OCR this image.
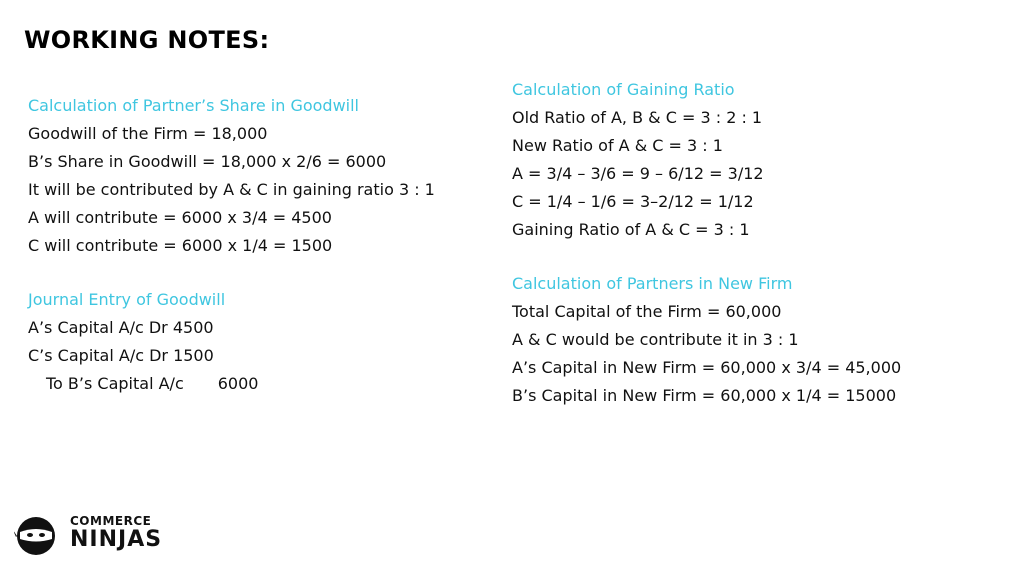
WORKING NOTES:
Calculation of Partner’s Share in Goodwill
Goodwill of the Firm = 18,000
B’s Share in Goodwill = 18,000 x 2/6 = 6000
It will be contributed by A & C in gaining ratio 3 : 1
A will contribute = 6000 x 3/4 = 4500
C will contribute = 6000 x 1/4 = 1500
Journal Entry of Goodwill
A’s Capital A/c Dr 4500
C’s Capital A/c Dr 1500
To B’s Capital A/c 6000
Calculation of Gaining Ratio
Old Ratio of A, B & C = 3 : 2 : 1
New Ratio of A & C = 3 : 1
A = 3/4 – 3/6 = 9 – 6/12 = 3/12
C = 1/4 – 1/6 = 3–2/12 = 1/12
Gaining Ratio of A & C = 3 : 1
Calculation of Partners in New Firm
Total Capital of the Firm = 60,000
A & C would be contribute it in 3 : 1
A’s Capital in New Firm = 60,000 x 3/4 = 45,000
B’s Capital in New Firm = 60,000 x 1/4 = 15000
COMMERCE
NINJAS
